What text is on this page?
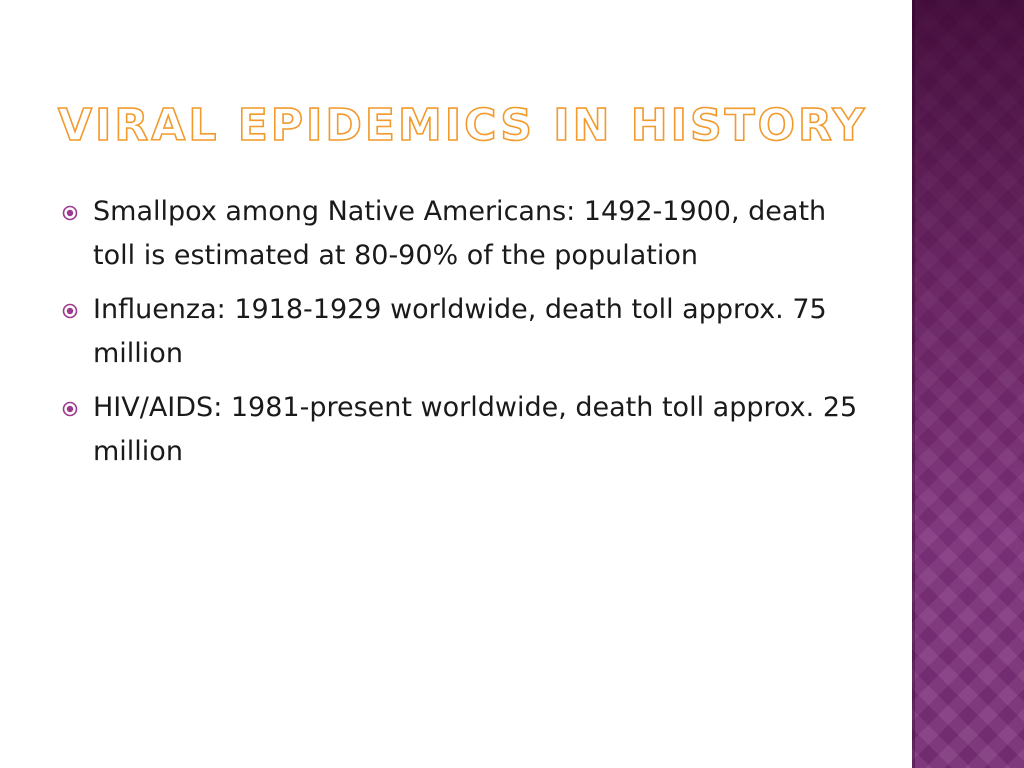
VIRAL EPIDEMICS IN HISTORY
Smallpox among Native Americans: 1492-1900, death toll is estimated at 80-90% of the population
Influenza: 1918-1929 worldwide, death toll approx. 75 million
HIV/AIDS: 1981-present worldwide, death toll approx. 25 million
